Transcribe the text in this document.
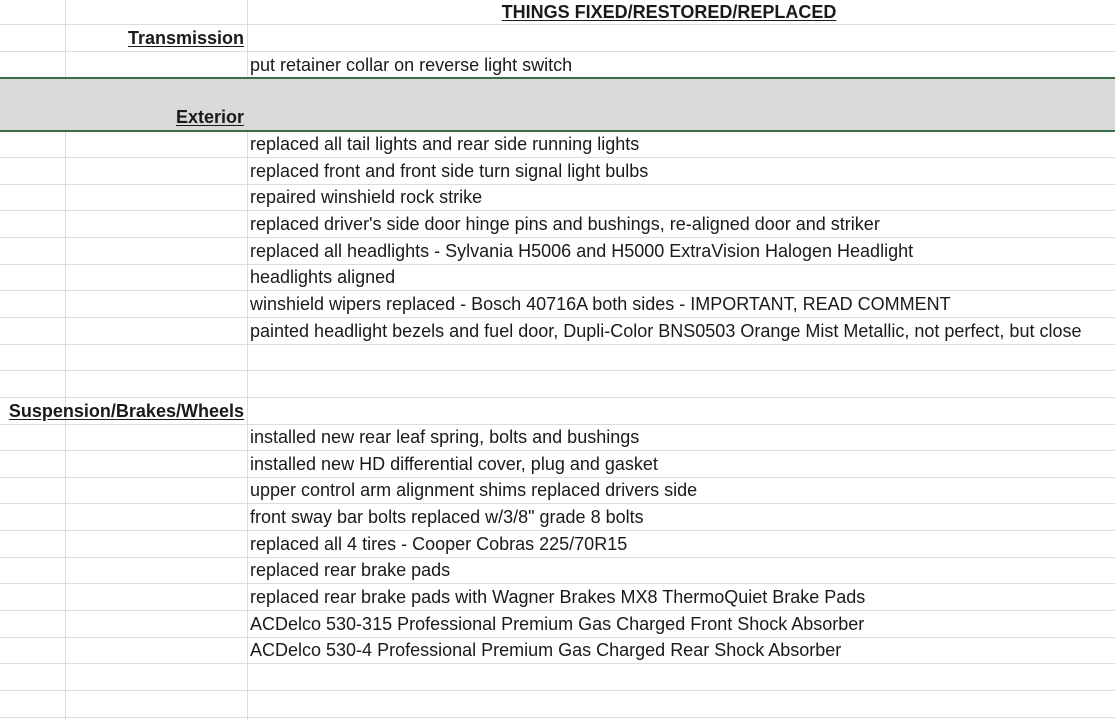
THINGS FIXED/RESTORED/REPLACED
Transmission
put retainer collar on reverse light switch
Exterior
replaced all tail lights and rear side running lights
replaced front and front side turn signal light bulbs
repaired winshield rock strike
replaced driver's side door hinge pins and bushings, re-aligned door and striker
replaced all headlights - Sylvania H5006 and H5000 ExtraVision Halogen Headlight
headlights aligned
winshield wipers replaced - Bosch 40716A both sides - IMPORTANT, READ COMMENT
painted headlight bezels and fuel door, Dupli-Color BNS0503 Orange Mist Metallic, not perfect, but close
Suspension/Brakes/Wheels
installed new rear leaf spring, bolts and bushings
installed new HD differential cover, plug and gasket
upper control arm alignment shims replaced drivers side
front sway bar bolts replaced w/3/8" grade 8 bolts
replaced all 4 tires - Cooper Cobras 225/70R15
replaced rear brake pads
replaced rear brake pads with Wagner Brakes MX8 ThermoQuiet Brake Pads
ACDelco 530-315 Professional Premium Gas Charged Front Shock Absorber
ACDelco 530-4 Professional Premium Gas Charged Rear Shock Absorber
